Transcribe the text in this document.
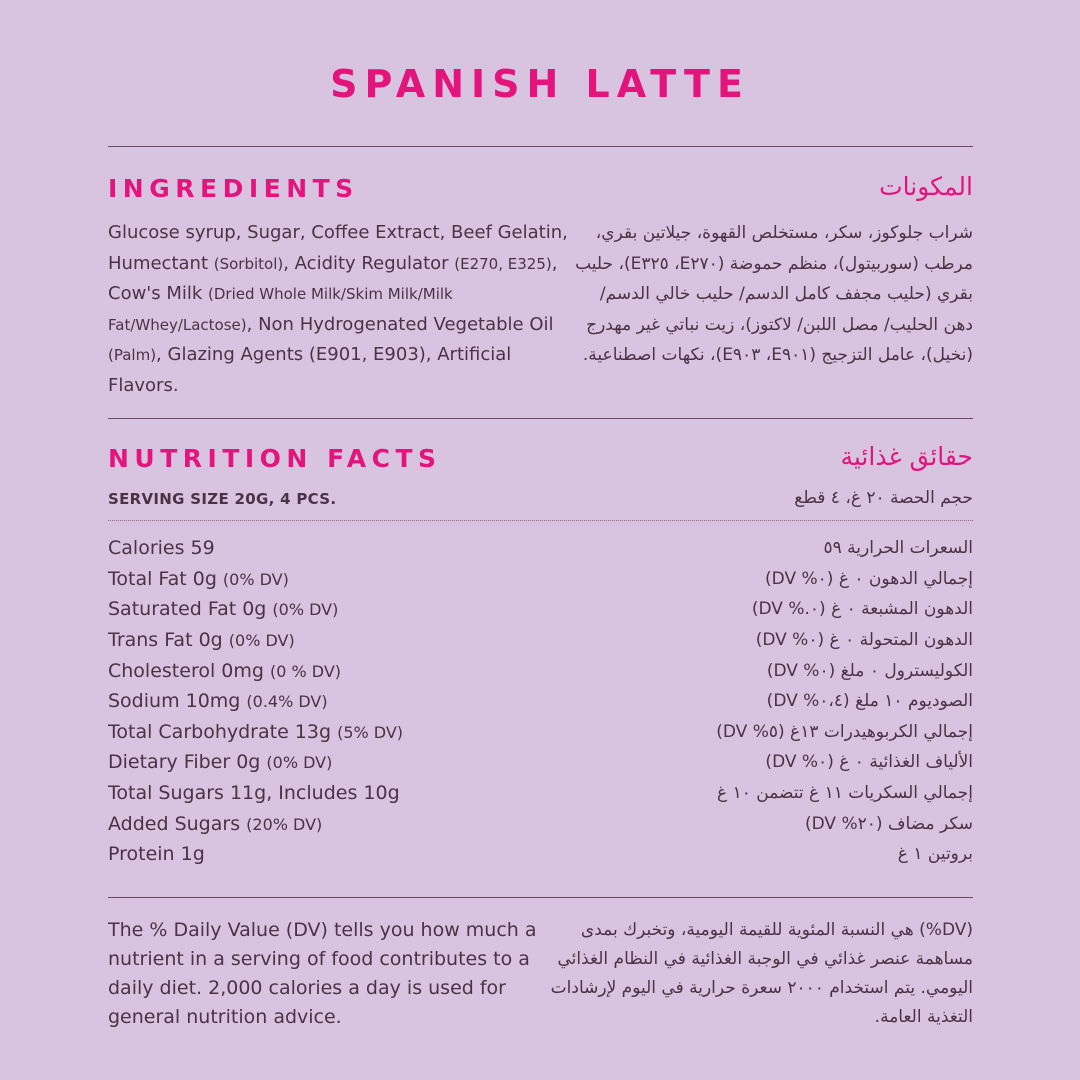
SPANISH LATTE
INGREDIENTS	المكونات
Glucose syrup, Sugar, Coffee Extract, Beef Gelatin, Humectant (Sorbitol), Acidity Regulator (E270, E325), Cow's Milk (Dried Whole Milk/Skim Milk/Milk Fat/Whey/Lactose), Non Hydrogenated Vegetable Oil (Palm), Glazing Agents (E901, E903), Artificial Flavors.
شراب جلوكوز، سكر، مستخلص القهوة، جيلاتين بقري، مرطب (سوربيتول)، منظم حموضة (E٢٧٠، E٣٢٥)، حليب بقري (حليب مجفف كامل الدسم/ حليب خالي الدسم/ دهن الحليب/ مصل اللبن/ لاكتوز)، زيت نباتي غير مهدرج (نخيل)، عامل التزجيج (E٩٠١، E٩٠٣)، نكهات اصطناعية.
NUTRITION FACTS	حقائق غذائية
SERVING SIZE 20G, 4 PCS.	حجم الحصة ٢٠ غ، ٤ قطع
Calories 59	السعرات الحرارية ٥٩
Total Fat 0g (0% DV)	إجمالي الدهون ٠ غ (٠% DV)
Saturated Fat 0g (0% DV)	الدهون المشبعة ٠ غ (٠.% DV)
Trans Fat 0g (0% DV)	الدهون المتحولة ٠ غ (٠% DV)
Cholesterol 0mg (0 % DV)	الكوليسترول ٠ ملغ (٠% DV)
Sodium 10mg (0.4% DV)	الصوديوم ١٠ ملغ (٠،٤% DV)
Total Carbohydrate 13g (5% DV)	إجمالي الكربوهيدرات ١٣غ (٥% DV)
Dietary Fiber 0g (0% DV)	الألياف الغذائية ٠ غ (٠% DV)
Total Sugars 11g, Includes 10g	إجمالي السكريات ١١ غ تتضمن ١٠ غ
Added Sugars (20% DV)	سكر مضاف (٢٠% DV)
Protein 1g	بروتين ١ غ
The % Daily Value (DV) tells you how much a nutrient in a serving of food contributes to a daily diet. 2,000 calories a day is used for general nutrition advice.
(DV%) هي النسبة المئوية للقيمة اليومية، وتخبرك بمدى مساهمة عنصر غذائي في الوجبة الغذائية في النظام الغذائي اليومي. يتم استخدام ٢٠٠٠ سعرة حرارية في اليوم لإرشادات التغذية العامة.
